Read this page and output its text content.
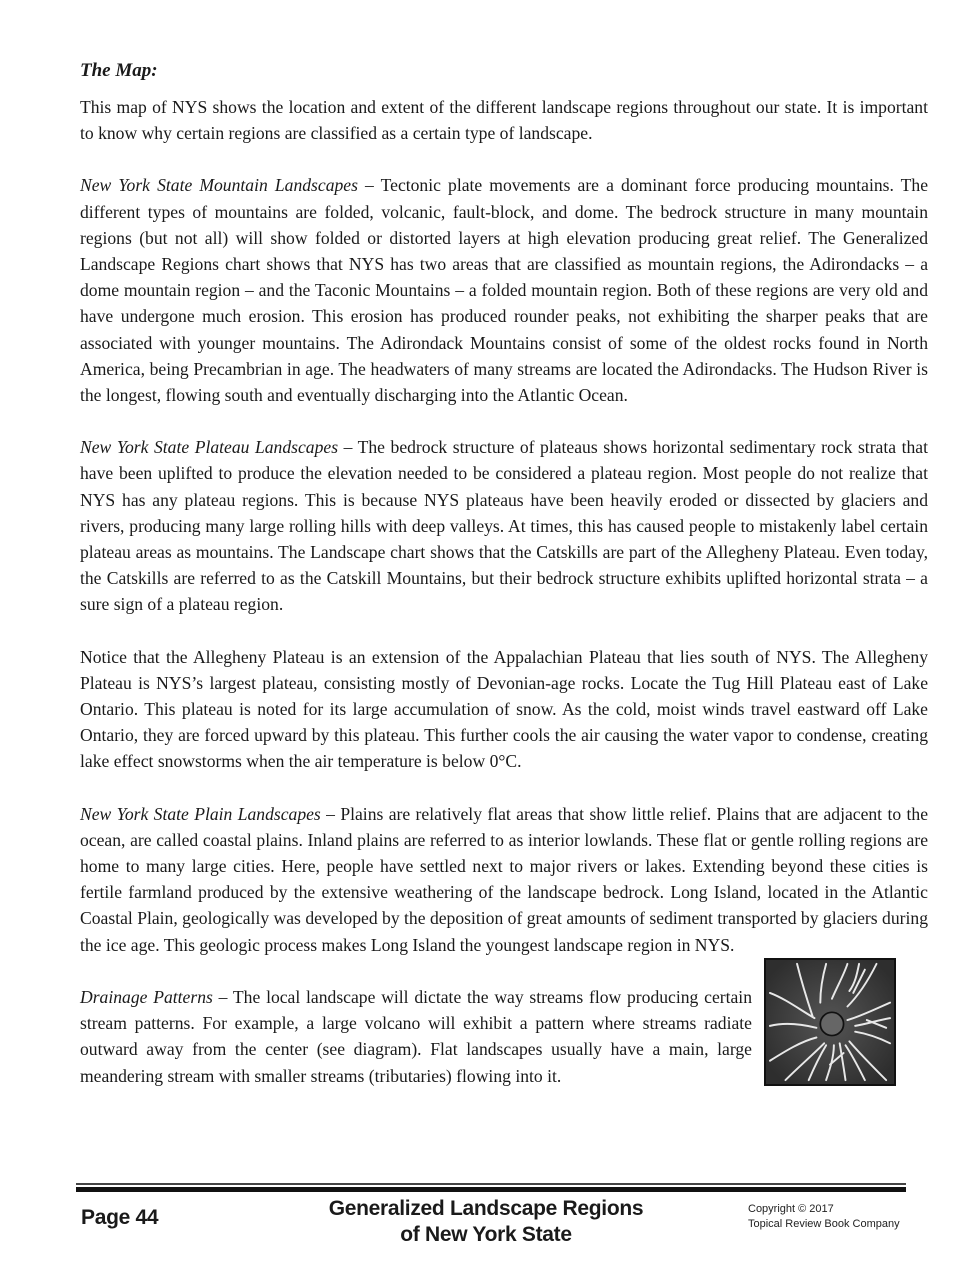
The Map:

This map of NYS shows the location and extent of the different landscape regions throughout our state. It is important to know why certain regions are classified as a certain type of landscape.

New York State Mountain Landscapes – Tectonic plate movements are a dominant force producing mountains. The different types of mountains are folded, volcanic, fault-block, and dome. The bedrock structure in many mountain regions (but not all) will show folded or distorted layers at high elevation producing great relief. The Generalized Landscape Regions chart shows that NYS has two areas that are classified as mountain regions, the Adirondacks – a dome mountain region – and the Taconic Mountains – a folded mountain region. Both of these regions are very old and have undergone much erosion. This erosion has produced rounder peaks, not exhibiting the sharper peaks that are associated with younger mountains. The Adirondack Mountains consist of some of the oldest rocks found in North America, being Precambrian in age. The headwaters of many streams are located the Adirondacks. The Hudson River is the longest, flowing south and eventually discharging into the Atlantic Ocean.

New York State Plateau Landscapes – The bedrock structure of plateaus shows horizontal sedimentary rock strata that have been uplifted to produce the elevation needed to be considered a plateau region. Most people do not realize that NYS has any plateau regions. This is because NYS plateaus have been heavily eroded or dissected by glaciers and rivers, producing many large rolling hills with deep valleys. At times, this has caused people to mistakenly label certain plateau areas as mountains. The Landscape chart shows that the Catskills are part of the Allegheny Plateau. Even today, the Catskills are referred to as the Catskill Mountains, but their bedrock structure exhibits uplifted horizontal strata – a sure sign of a plateau region.

Notice that the Allegheny Plateau is an extension of the Appalachian Plateau that lies south of NYS. The Allegheny Plateau is NYS’s largest plateau, consisting mostly of Devonian-age rocks. Locate the Tug Hill Plateau east of Lake Ontario. This plateau is noted for its large accumulation of snow. As the cold, moist winds travel eastward off Lake Ontario, they are forced upward by this plateau. This further cools the air causing the water vapor to condense, creating lake effect snowstorms when the air temperature is below 0°C.

New York State Plain Landscapes – Plains are relatively flat areas that show little relief. Plains that are adjacent to the ocean, are called coastal plains. Inland plains are referred to as interior lowlands. These flat or gentle rolling regions are home to many large cities. Here, people have settled next to major rivers or lakes. Extending beyond these cities is fertile farmland produced by the extensive weathering of the landscape bedrock. Long Island, located in the Atlantic Coastal Plain, geologically was developed by the deposition of great amounts of sediment transported by glaciers during the ice age. This geologic process makes Long Island the youngest landscape region in NYS.

Drainage Patterns – The local landscape will dictate the way streams flow producing certain stream patterns. For example, a large volcano will exhibit a pattern where streams radiate outward away from the center (see diagram). Flat landscapes usually have a main, large meandering stream with smaller streams (tributaries) flowing into it.

Page 44	Generalized Landscape Regions
of New York State
Copyright © 2017
Topical Review Book Company
